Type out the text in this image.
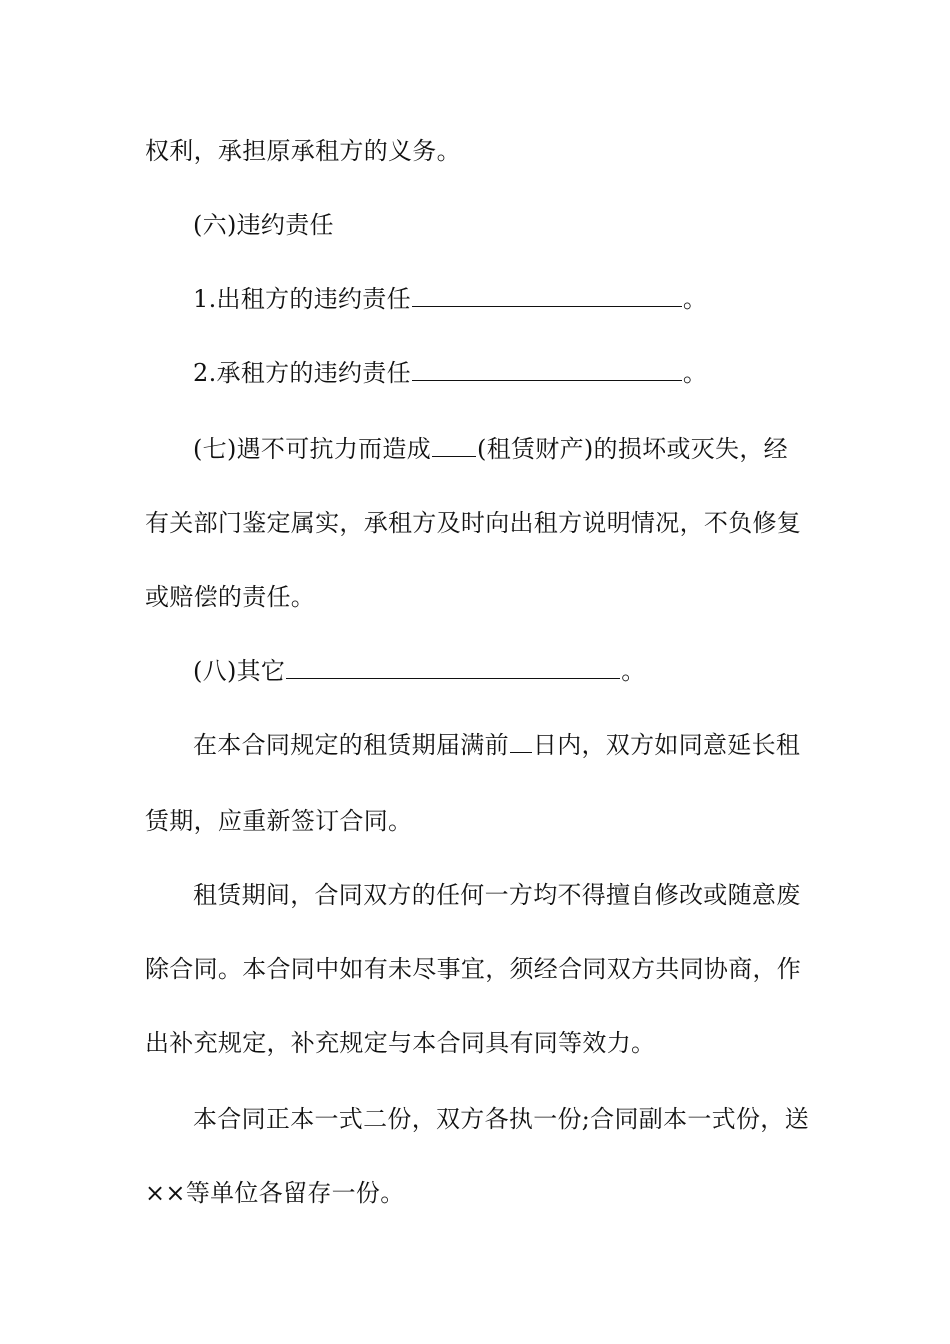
权利，承担原承租方的义务。
(六)违约责任
1.出租方的违约责任	。
2.承租方的违约责任	。
(七)遇不可抗力而造成 (租赁财产)的损坏或灭失，经
有关部门鉴定属实，承租方及时向出租方说明情况，不负修复
或赔偿的责任。
(八)其它	。
在本合同规定的租赁期届满前 日内，双方如同意延长租
赁期，应重新签订合同。
租赁期间，合同双方的任何一方均不得擅自修改或随意废
除合同。本合同中如有未尽事宜，须经合同双方共同协商，作
出补充规定，补充规定与本合同具有同等效力。
本合同正本一式二份，双方各执一份;合同副本一式份，送
××等单位各留存一份。
